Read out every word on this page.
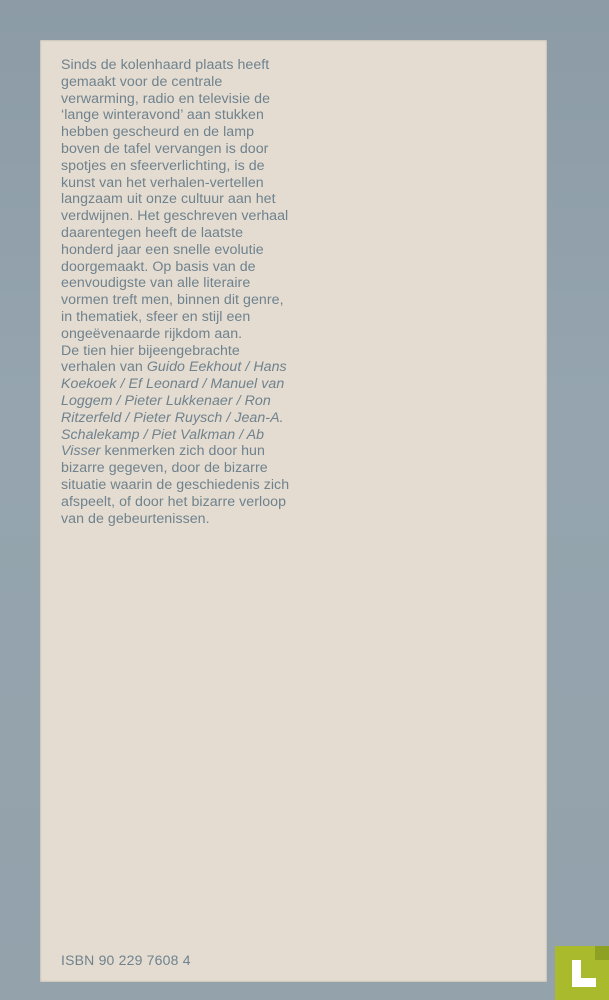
Sinds de kolenhaard plaats heeft
gemaakt voor de centrale
verwarming, radio en televisie de
‘lange winteravond’ aan stukken
hebben gescheurd en de lamp
boven de tafel vervangen is door
spotjes en sfeerverlichting, is de
kunst van het verhalen-vertellen
langzaam uit onze cultuur aan het
verdwijnen. Het geschreven verhaal
daarentegen heeft de laatste
honderd jaar een snelle evolutie
doorgemaakt. Op basis van de
eenvoudigste van alle literaire
vormen treft men, binnen dit genre,
in thematiek, sfeer en stijl een
ongeëvenaarde rijkdom aan.
De tien hier bijeengebrachte
verhalen van Guido Eekhout / Hans
Koekoek / Ef Leonard / Manuel van
Loggem / Pieter Lukkenaer / Ron
Ritzerfeld / Pieter Ruysch / Jean-A.
Schalekamp / Piet Valkman / Ab
Visser kenmerken zich door hun
bizarre gegeven, door de bizarre
situatie waarin de geschiedenis zich
afspeelt, of door het bizarre verloop
van de gebeurtenissen.

ISBN 90 229 7608 4
